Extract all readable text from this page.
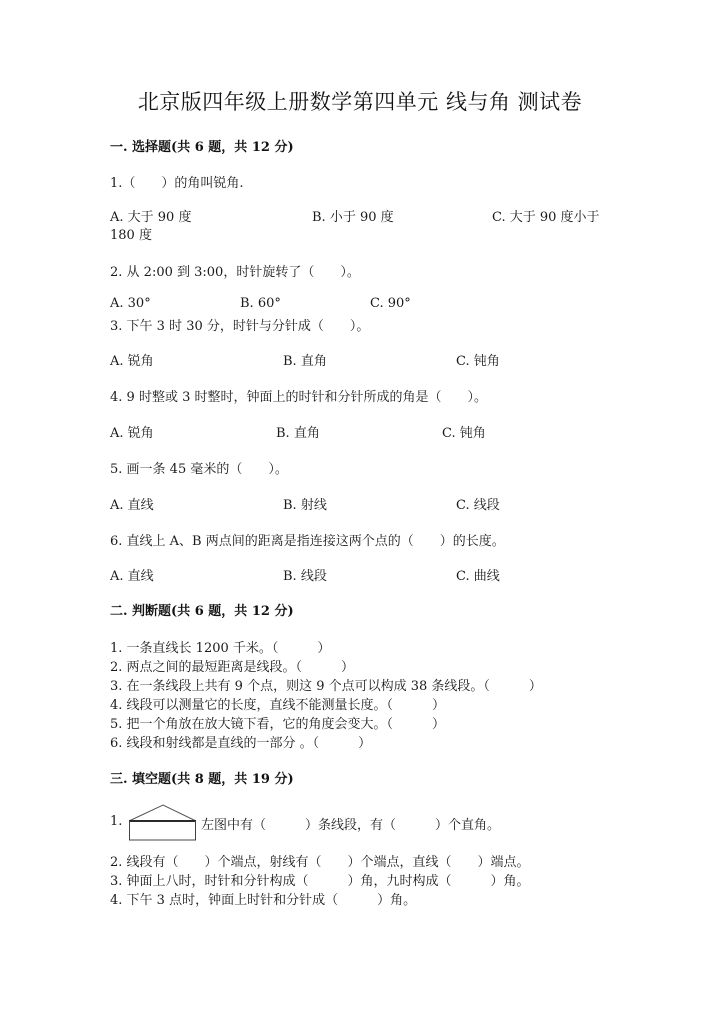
北京版四年级上册数学第四单元 线与角 测试卷
一. 选择题(共 6 题，共 12 分)
1.（　　）的角叫锐角.
A. 大于 90 度	B. 小于 90 度	C. 大于 90 度小于
180 度
2. 从 2:00 到 3:00，时针旋转了（　　）。
A. 30°	B. 60°	C. 90°
3. 下午 3 时 30 分，时针与分针成（　　）。
A. 锐角	B. 直角	C. 钝角
4. 9 时整或 3 时整时，钟面上的时针和分针所成的角是（　　）。
A. 锐角	B. 直角	C. 钝角
5. 画一条 45 毫米的（　　）。
A. 直线	B. 射线	C. 线段
6. 直线上 A、B 两点间的距离是指连接这两个点的（　　）的长度。
A. 直线	B. 线段	C. 曲线
二. 判断题(共 6 题，共 12 分)
1. 一条直线长 1200 千米。（　　　）
2. 两点之间的最短距离是线段。（　　　）
3. 在一条线段上共有 9 个点，则这 9 个点可以构成 38 条线段。（　　　）
4. 线段可以测量它的长度，直线不能测量长度。（　　　）
5. 把一个角放在放大镜下看，它的角度会变大。（　　　）
6. 线段和射线都是直线的一部分 。（　　　）
三. 填空题(共 8 题，共 19 分)
1.	左图中有（　　　）条线段，有（　　　）个直角。
2. 线段有（　　）个端点，射线有（　　）个端点，直线（　　）端点。
3. 钟面上八时，时针和分针构成（　　　）角，九时构成（　　　）角。
4. 下午 3 点时，钟面上时针和分针成（　　　）角。
